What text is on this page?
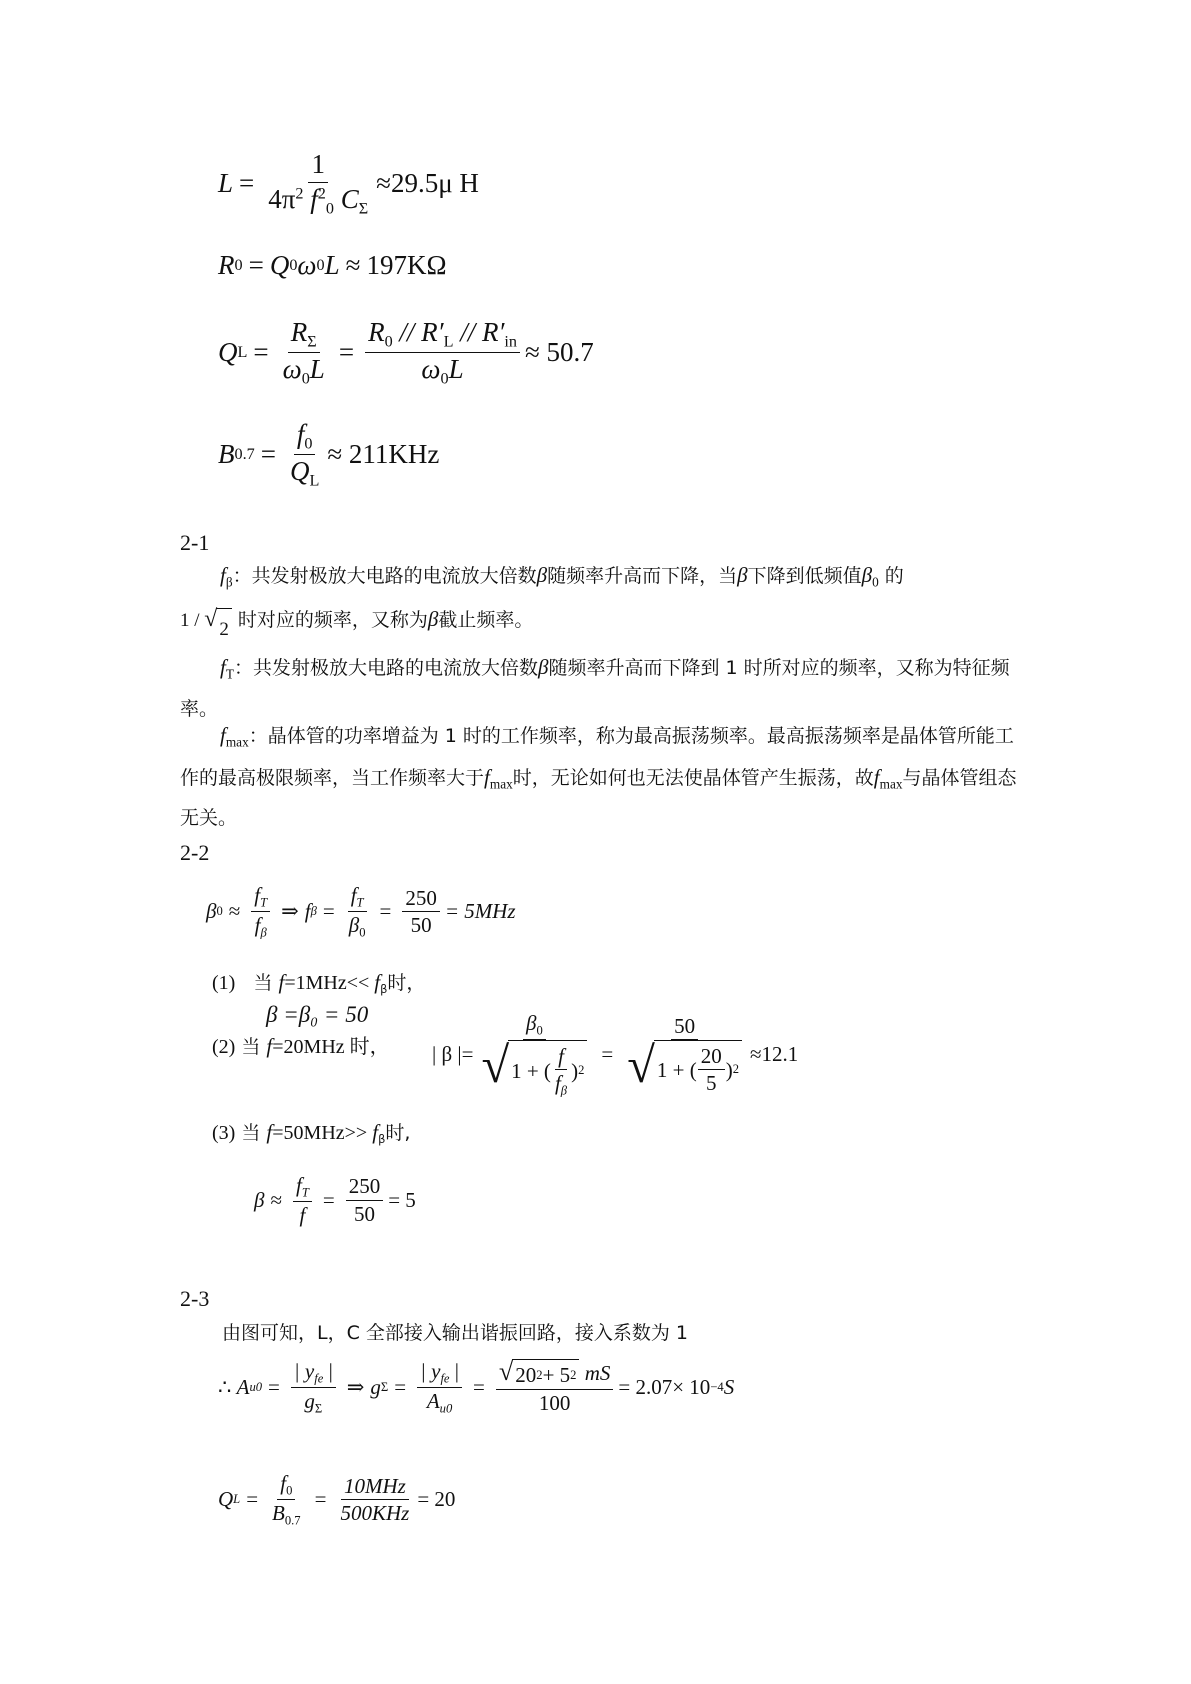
$L = \frac{1}{4\pi^2 f^2_0 C_\Sigma} \approx 29.5\mu$ H
R 0 = Q 0 ω 0 L ≈ 197KΩ
Q $L = \frac{R_\Sigma}{\omega_0L} = \frac{R_0 // R'_L // R'_{in}}{\omega_0L} \approx 50.7$
B $0.7 = \frac{f_0}{Q_L} \approx 211KHz$
2-1
$f_\beta$：共发射极放大电路的电流放大倍数β随频率升高而下降，当β下降到低频值$\beta_0$ 的
1 / √ 2 时对应的频率，又称为β截止频率。
$f_T$：共发射极放大电路的电流放大倍数β随频率升高而下降到 1 时所对应的频率，又称为特征频率。
$f_{max}$：晶体管的功率增益为 1 时的工作频率，称为最高振荡频率。最高振荡频率是晶体管所能工作的最高极限频率，当工作频率大于$f_{max}$时，无论如何也无法使晶体管产生振荡，故$f_{max}$与晶体管组态无关。
2-2
β $0 \approx \frac{f_T}{f_\beta}$ ⇒ f $\beta = \frac{f_T}{\beta_0} = \frac{250}{50} = 5MHz$
(1) 当 $f=1MHz<< f_\beta$时，
β =β₀ = 50
(2) 当 f=20MHz 时， | β |=
$\beta_0$
√ 1 + ( $\frac{f}{f_\beta}$ ) 2
=
50
√ 1 + ( $\frac{20}{5}$ ) 2
≈12.1
(3) 当 $f=50MHz>> f_\beta$时,
$\beta \approx \frac{f_T}{f} = \frac{250}{50} = 5$
2-3
由图可知，L，C 全部接入输出谐振回路，接入系数为 1
∴
A $u0 = \frac{| y_{fe} |}{g_\Sigma}$ ⇒ g $\Sigma = \frac{| y_{fe} |}{A_{u0}} = \frac{√ 20 2 + 5 2 mS}{100} = 2.07\times 10 -4$ S
Q $L = \frac{f_0}{B_{0.7}} = \frac{\text{10MHz}}{\text{500KHz}} = 20$
